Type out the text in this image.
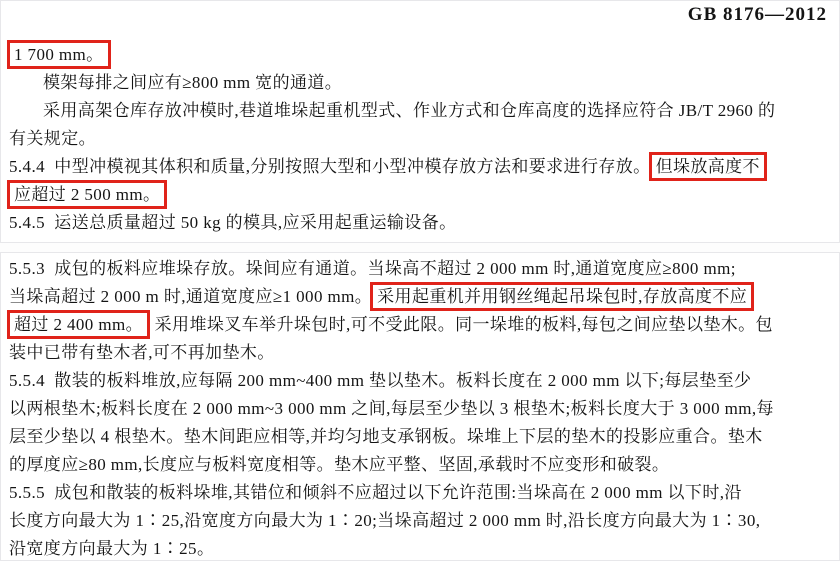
GB 8176—2012
1 700 mm。
模架每排之间应有≥800 mm 宽的通道。
采用高架仓库存放冲模时,巷道堆垛起重机型式、作业方式和仓库高度的选择应符合 JB/T 2960 的
有关规定。
5.4.4  中型冲模视其体积和质量,分别按照大型和小型冲模存放方法和要求进行存放。 但垛放高度不
应超过 2 500 mm。
5.4.5  运送总质量超过 50 kg 的模具,应采用起重运输设备。
5.5.3  成包的板料应堆垛存放。垛间应有通道。当垛高不超过 2 000 mm 时,通道宽度应≥800 mm;
当垛高超过 2 000 m 时,通道宽度应≥1 000 mm。 采用起重机并用钢丝绳起吊垛包时,存放高度不应
超过 2 400 mm。 采用堆垛叉车举升垛包时,可不受此限。同一垛堆的板料,每包之间应垫以垫木。包
装中已带有垫木者,可不再加垫木。
5.5.4  散装的板料堆放,应每隔 200 mm~400 mm 垫以垫木。板料长度在 2 000 mm 以下;每层垫至少
以两根垫木;板料长度在 2 000 mm~3 000 mm 之间,每层至少垫以 3 根垫木;板料长度大于 3 000 mm,每
层至少垫以 4 根垫木。垫木间距应相等,并均匀地支承钢板。垛堆上下层的垫木的投影应重合。垫木
的厚度应≥80 mm,长度应与板料宽度相等。垫木应平整、坚固,承载时不应变形和破裂。
5.5.5  成包和散装的板料垛堆,其错位和倾斜不应超过以下允许范围:当垛高在 2 000 mm 以下时,沿
长度方向最大为 1∶25,沿宽度方向最大为 1∶20;当垛高超过 2 000 mm 时,沿长度方向最大为 1∶30,
沿宽度方向最大为 1∶25。
